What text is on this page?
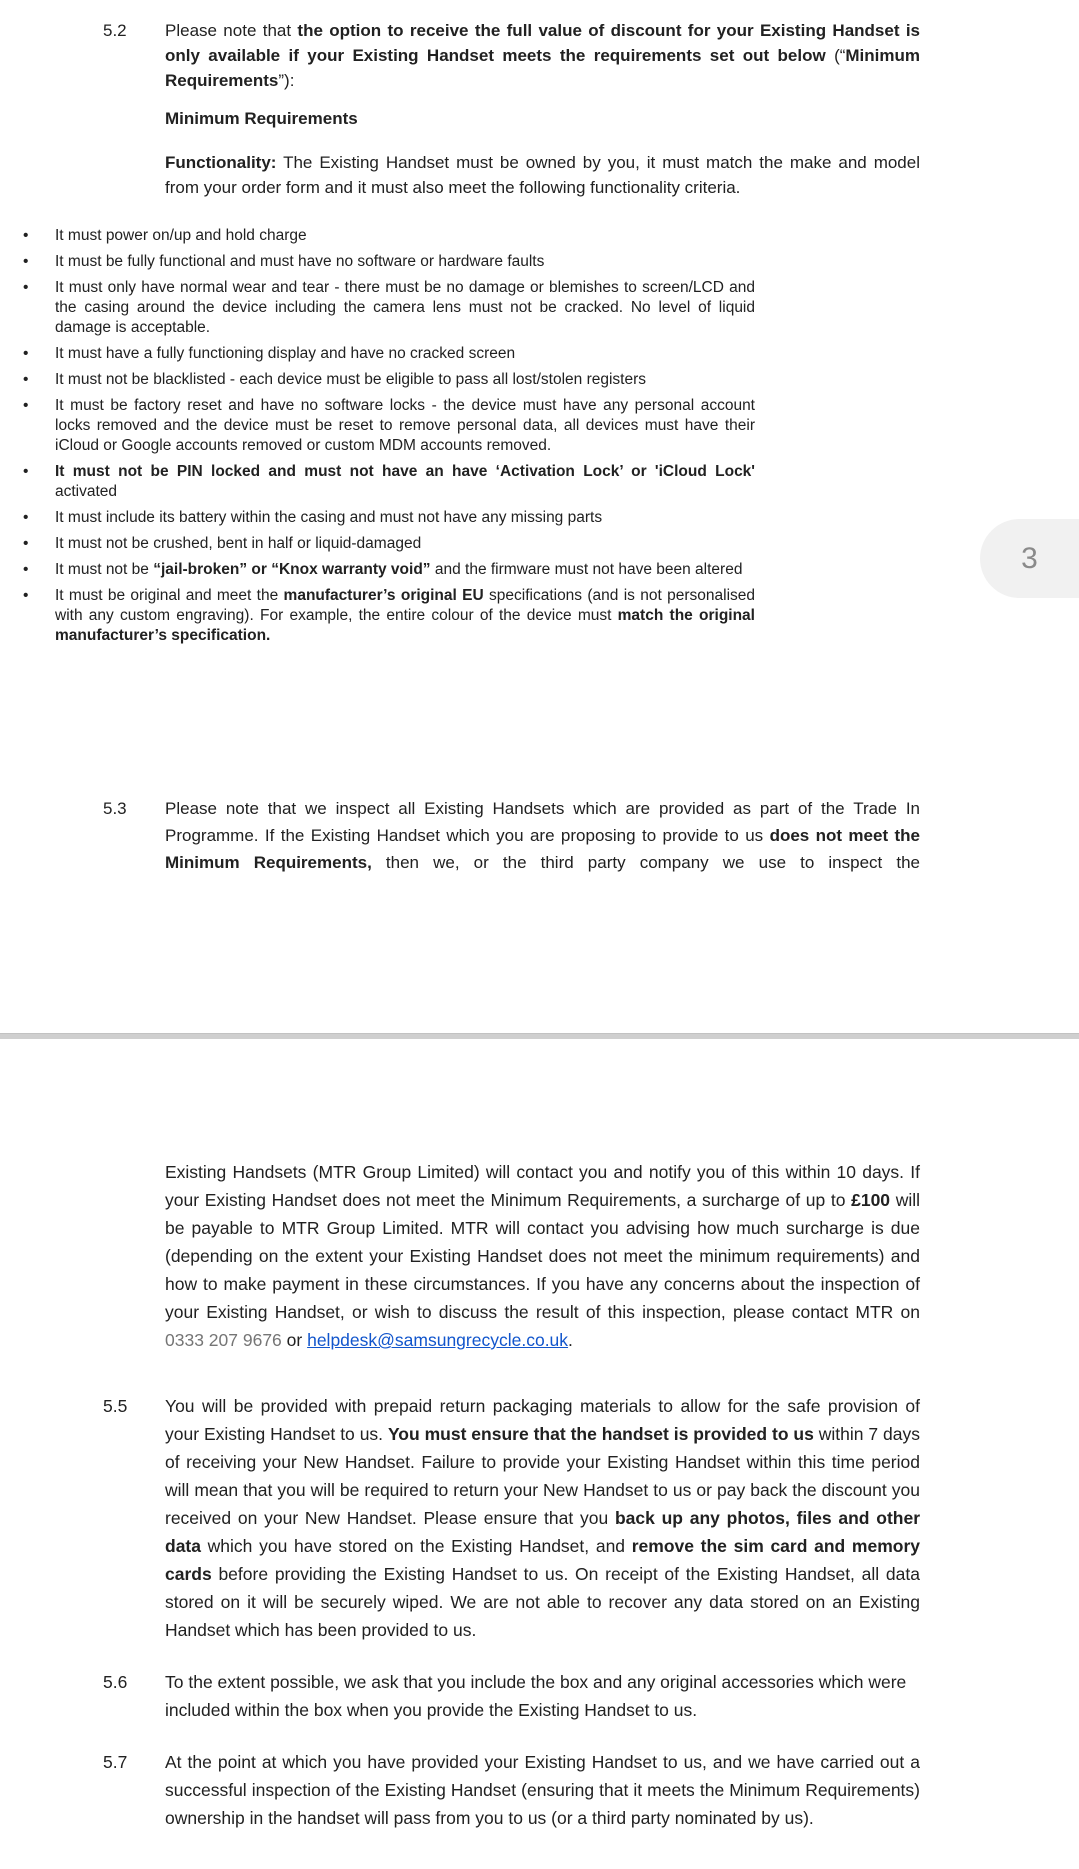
5.2	Please note that the option to receive the full value of discount for your Existing Handset is only available if your Existing Handset meets the requirements set out below (“Minimum Requirements”):
Minimum Requirements
Functionality: The Existing Handset must be owned by you, it must match the make and model from your order form and it must also meet the following functionality criteria.
• It must power on/up and hold charge
• It must be fully functional and must have no software or hardware faults
• It must only have normal wear and tear - there must be no damage or blemishes to screen/LCD and the casing around the device including the camera lens must not be cracked. No level of liquid damage is acceptable.
• It must have a fully functioning display and have no cracked screen
• It must not be blacklisted - each device must be eligible to pass all lost/stolen registers
• It must be factory reset and have no software locks - the device must have any personal account locks removed and the device must be reset to remove personal data, all devices must have their iCloud or Google accounts removed or custom MDM accounts removed.
• It must not be PIN locked and must not have an have ‘Activation Lock’ or 'iCloud Lock' activated
• It must include its battery within the casing and must not have any missing parts
• It must not be crushed, bent in half or liquid-damaged
• It must not be “jail-broken” or “Knox warranty void” and the firmware must not have been altered
• It must be original and meet the manufacturer’s original EU specifications (and is not personalised with any custom engraving). For example, the entire colour of the device must match the original manufacturer’s specification.
5.3	Please note that we inspect all Existing Handsets which are provided as part of the Trade In Programme. If the Existing Handset which you are proposing to provide to us does not meet the Minimum Requirements, then we, or the third party company we use to inspect the
3
Existing Handsets (MTR Group Limited) will contact you and notify you of this within 10 days. If your Existing Handset does not meet the Minimum Requirements, a surcharge of up to £100 will be payable to MTR Group Limited. MTR will contact you advising how much surcharge is due (depending on the extent your Existing Handset does not meet the minimum requirements) and how to make payment in these circumstances. If you have any concerns about the inspection of your Existing Handset, or wish to discuss the result of this inspection, please contact MTR on 0333 207 9676 or helpdesk@samsungrecycle.co.uk.
5.5	You will be provided with prepaid return packaging materials to allow for the safe provision of your Existing Handset to us. You must ensure that the handset is provided to us within 7 days of receiving your New Handset. Failure to provide your Existing Handset within this time period will mean that you will be required to return your New Handset to us or pay back the discount you received on your New Handset. Please ensure that you back up any photos, files and other data which you have stored on the Existing Handset, and remove the sim card and memory cards before providing the Existing Handset to us. On receipt of the Existing Handset, all data stored on it will be securely wiped. We are not able to recover any data stored on an Existing Handset which has been provided to us.
5.6	To the extent possible, we ask that you include the box and any original accessories which were included within the box when you provide the Existing Handset to us.
5.7	At the point at which you have provided your Existing Handset to us, and we have carried out a successful inspection of the Existing Handset (ensuring that it meets the Minimum Requirements) ownership in the handset will pass from you to us (or a third party nominated by us).
